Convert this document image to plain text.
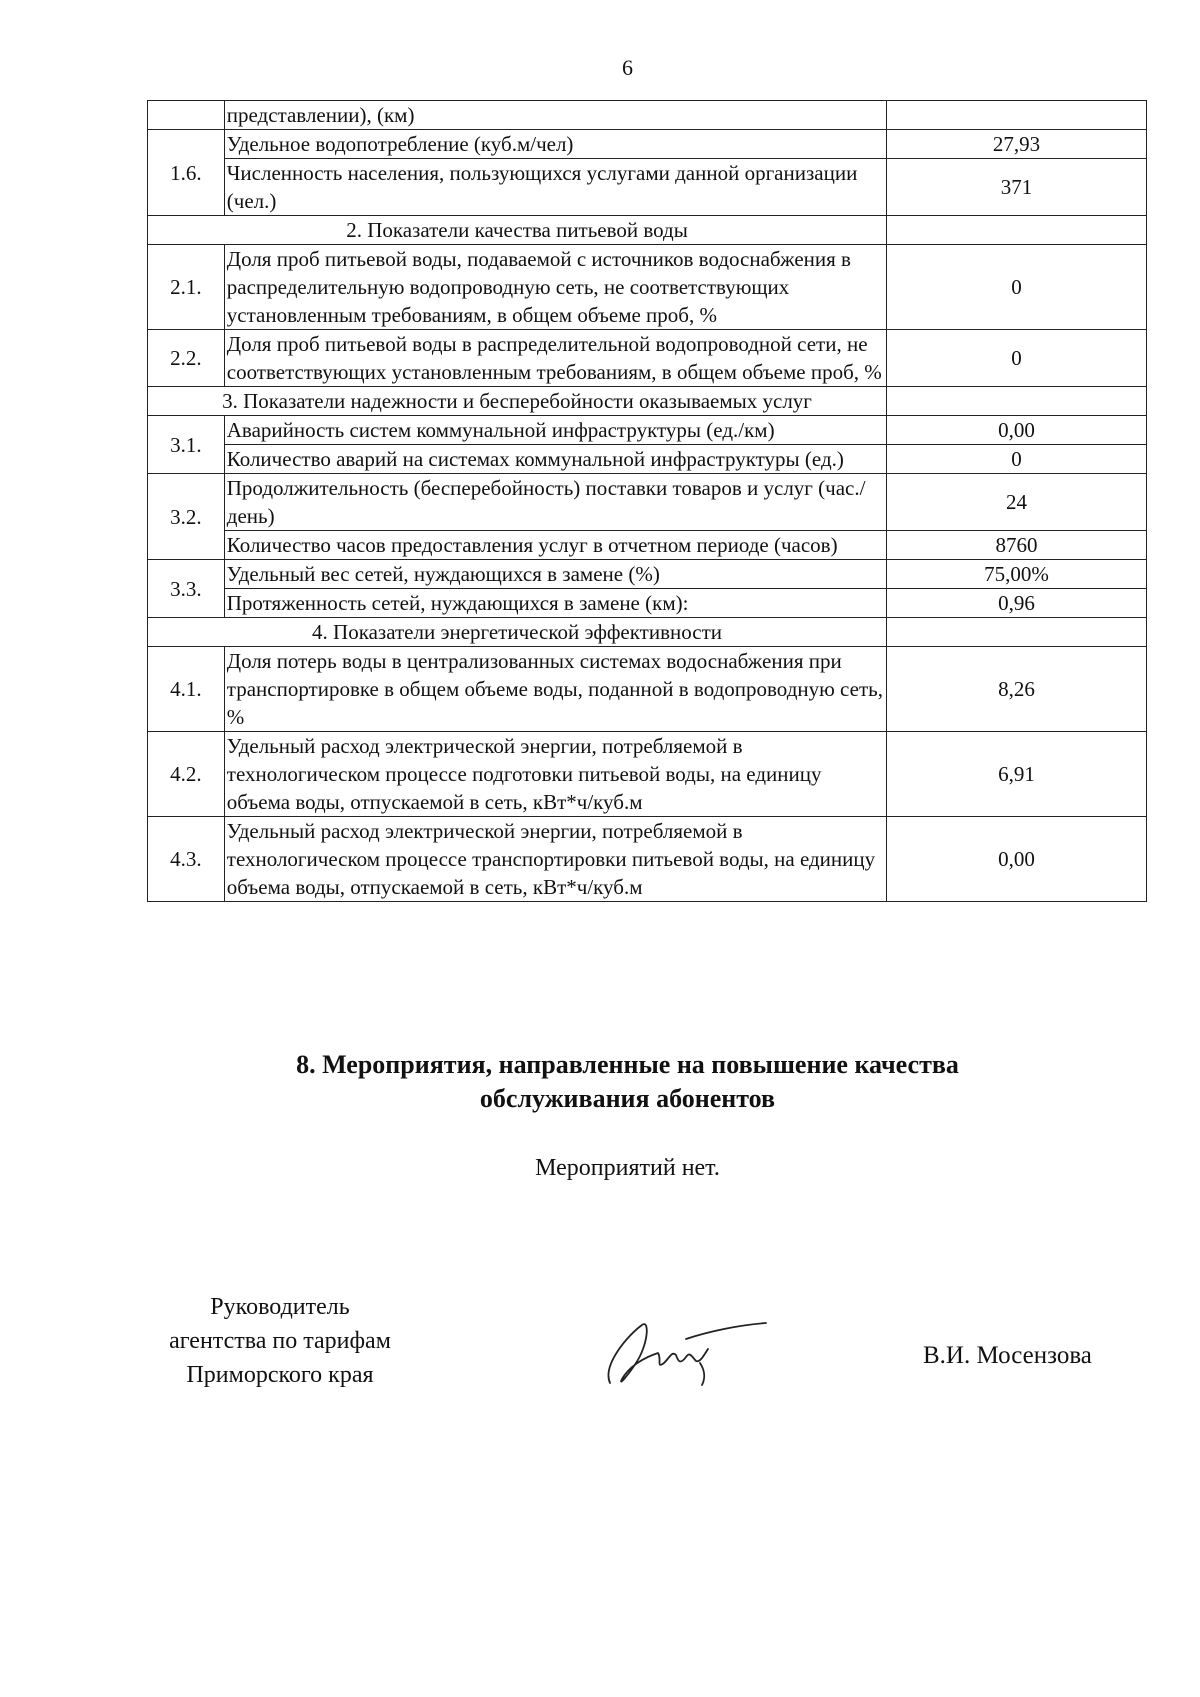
6
	представлении), (км)	
1.6.	Удельное водопотребление (куб.м/чел)	27,93
	Численность населения, пользующихся услугами данной организации (чел.)	371
2. Показатели качества питьевой воды		
2.1.	Доля проб питьевой воды, подаваемой с источников водоснабжения в распределительную водопроводную сеть, не соответствующих установленным требованиям, в общем объеме проб, %	0
2.2.	Доля проб питьевой воды в распределительной водопроводной сети, не соответствующих установленным требованиям, в общем объеме проб, %	0
3. Показатели надежности и бесперебойности оказываемых услуг		
3.1.	Аварийность систем коммунальной инфраструктуры (ед./км)	0,00
	Количество аварий на системах коммунальной инфраструктуры (ед.)	0
3.2.	Продолжительность (бесперебойность) поставки товаров и услуг (час./день)	24
	Количество часов предоставления услуг в отчетном периоде (часов)	8760
3.3.	Удельный вес сетей, нуждающихся в замене (%)	75,00%
	Протяженность сетей, нуждающихся в замене (км):	0,96
4. Показатели энергетической эффективности		
4.1.	Доля потерь воды в централизованных системах водоснабжения при транспортировке в общем объеме воды, поданной в водопроводную сеть, %	8,26
4.2.	Удельный расход электрической энергии, потребляемой в технологическом процессе подготовки питьевой воды, на единицу объема воды, отпускаемой в сеть, кВт*ч/куб.м	6,91
4.3.	Удельный расход электрической энергии, потребляемой в технологическом процессе транспортировки питьевой воды, на единицу объема воды, отпускаемой в сеть, кВт*ч/куб.м	0,00
8. Мероприятия, направленные на повышение качества
обслуживания абонентов
Мероприятий нет.
Руководитель
агентства по тарифам
Приморского края
В.И. Мосензова
